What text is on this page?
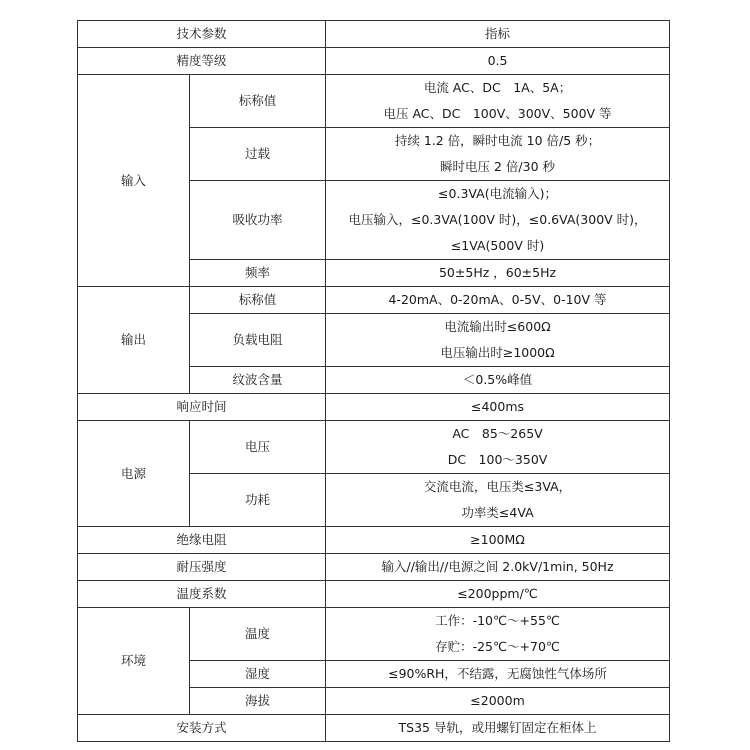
技术参数		指标
精度等级		0.5
输入	标称值	电流 AC、DC　1A、5A；
电压 AC、DC　100V、300V、500V 等

	过载	持续 1.2 倍，瞬时电流 10 倍/5 秒；
瞬时电压 2 倍/30 秒

	吸收功率	≤0.3VA(电流输入)；
电压输入，≤0.3VA(100V 时)，≤0.6VA(300V 时)，
≤1VA(500V 时)

	频率	50±5Hz ，60±5Hz
输出	标称值	4-20mA、0-20mA、0-5V、0-10V 等
	负载电阻	电流输出时≤600Ω
电压输出时≥1000Ω

	纹波含量	＜0.5%峰值
响应时间		≤400ms
电源	电压	AC　85～265V
DC　100～350V

	功耗	交流电流，电压类≤3VA，
功率类≤4VA

绝缘电阻		≥100MΩ
耐压强度		输入//输出//电源之间 2.0kV/1min, 50Hz
温度系数		≤200ppm/℃
环境	温度	工作：-10℃～+55℃
存贮：-25℃～+70℃

	湿度	≤90%RH，不结露，无腐蚀性气体场所
	海拔	≤2000m
安装方式		TS35 导轨，或用螺钉固定在柜体上
